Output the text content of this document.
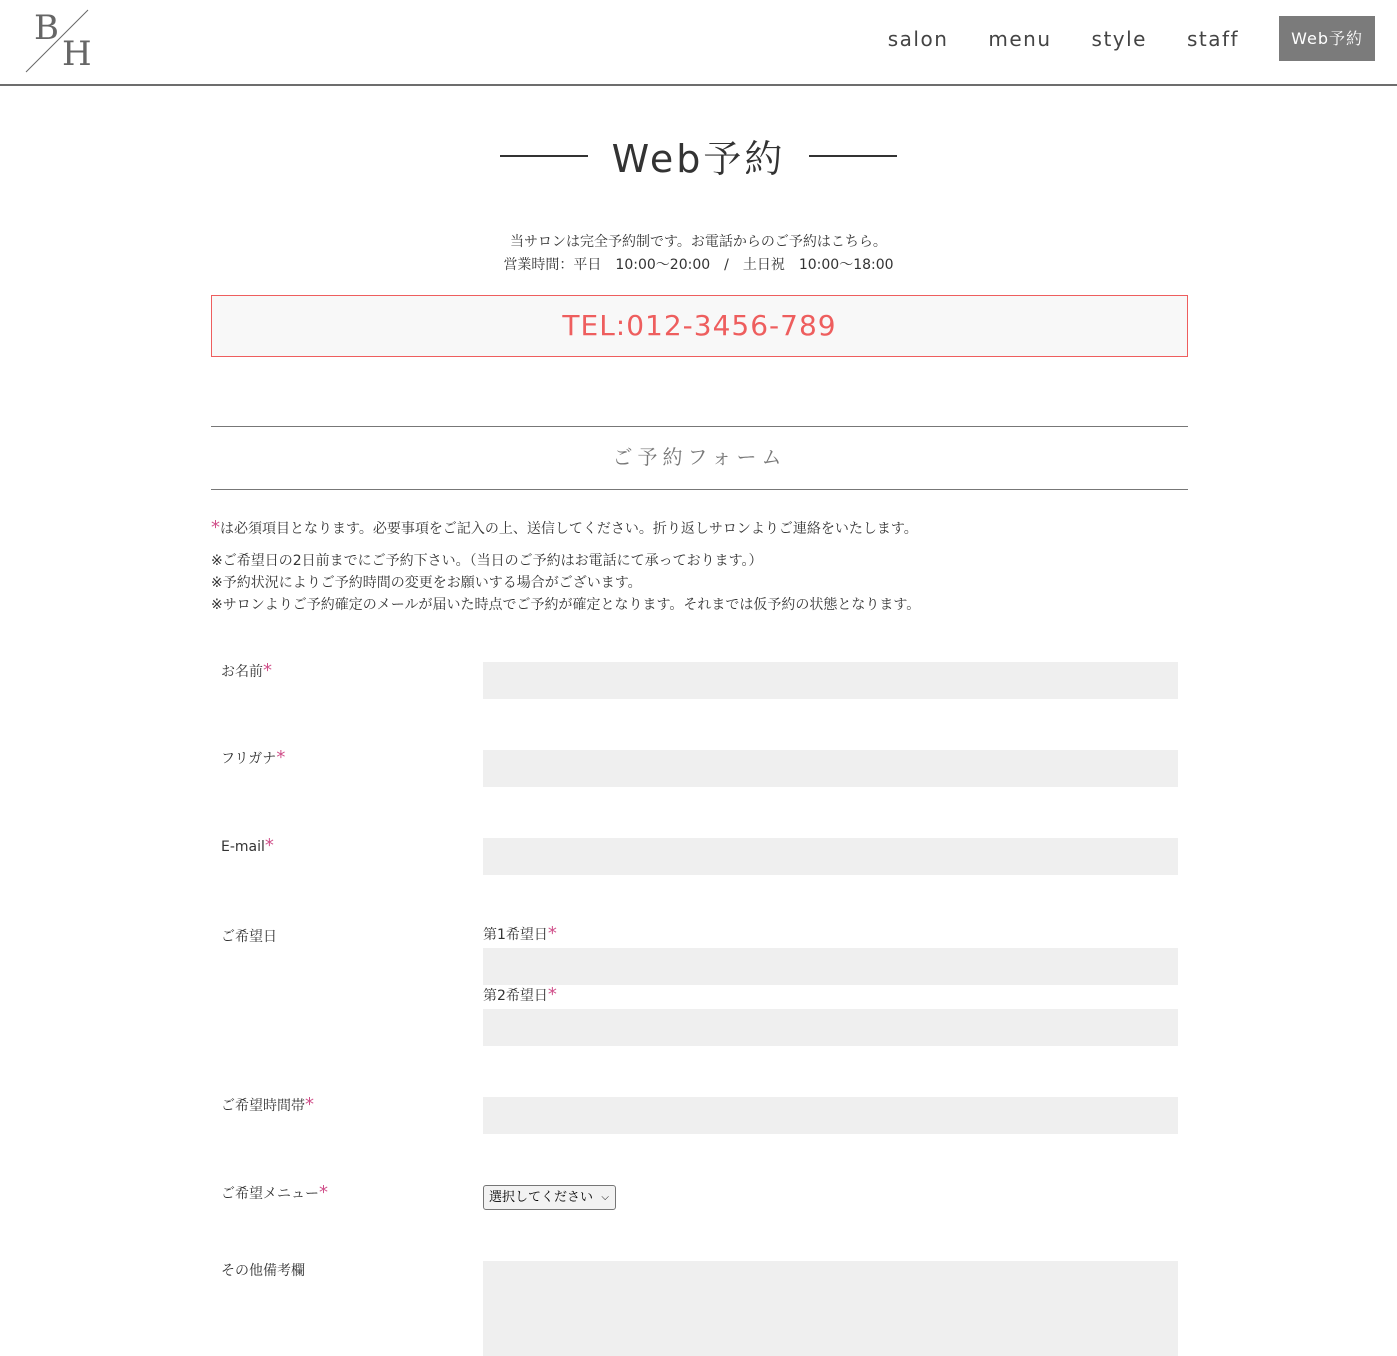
B
H	salon menu style staff	Web予約
Web予約
当サロンは完全予約制です。お電話からのご予約はこちら。
営業時間：平日　10:00〜20:00　/　土日祝　10:00〜18:00
TEL:012-3456-789
ご予約フォーム
*は必須項目となります。必要事項をご記入の上、送信してください。折り返しサロンよりご連絡をいたします。
※ご希望日の2日前までにご予約下さい。（当日のご予約はお電話にて承っております。）
※予約状況によりご予約時間の変更をお願いする場合がございます。
※サロンよりご予約確定のメールが届いた時点でご予約が確定となります。それまでは仮予約の状態となります。
お名前*
フリガナ*
E-mail*
ご希望日	第1希望日*
第2希望日*
ご希望時間帯*
ご希望メニュー*	選択してください ⌵
その他備考欄
